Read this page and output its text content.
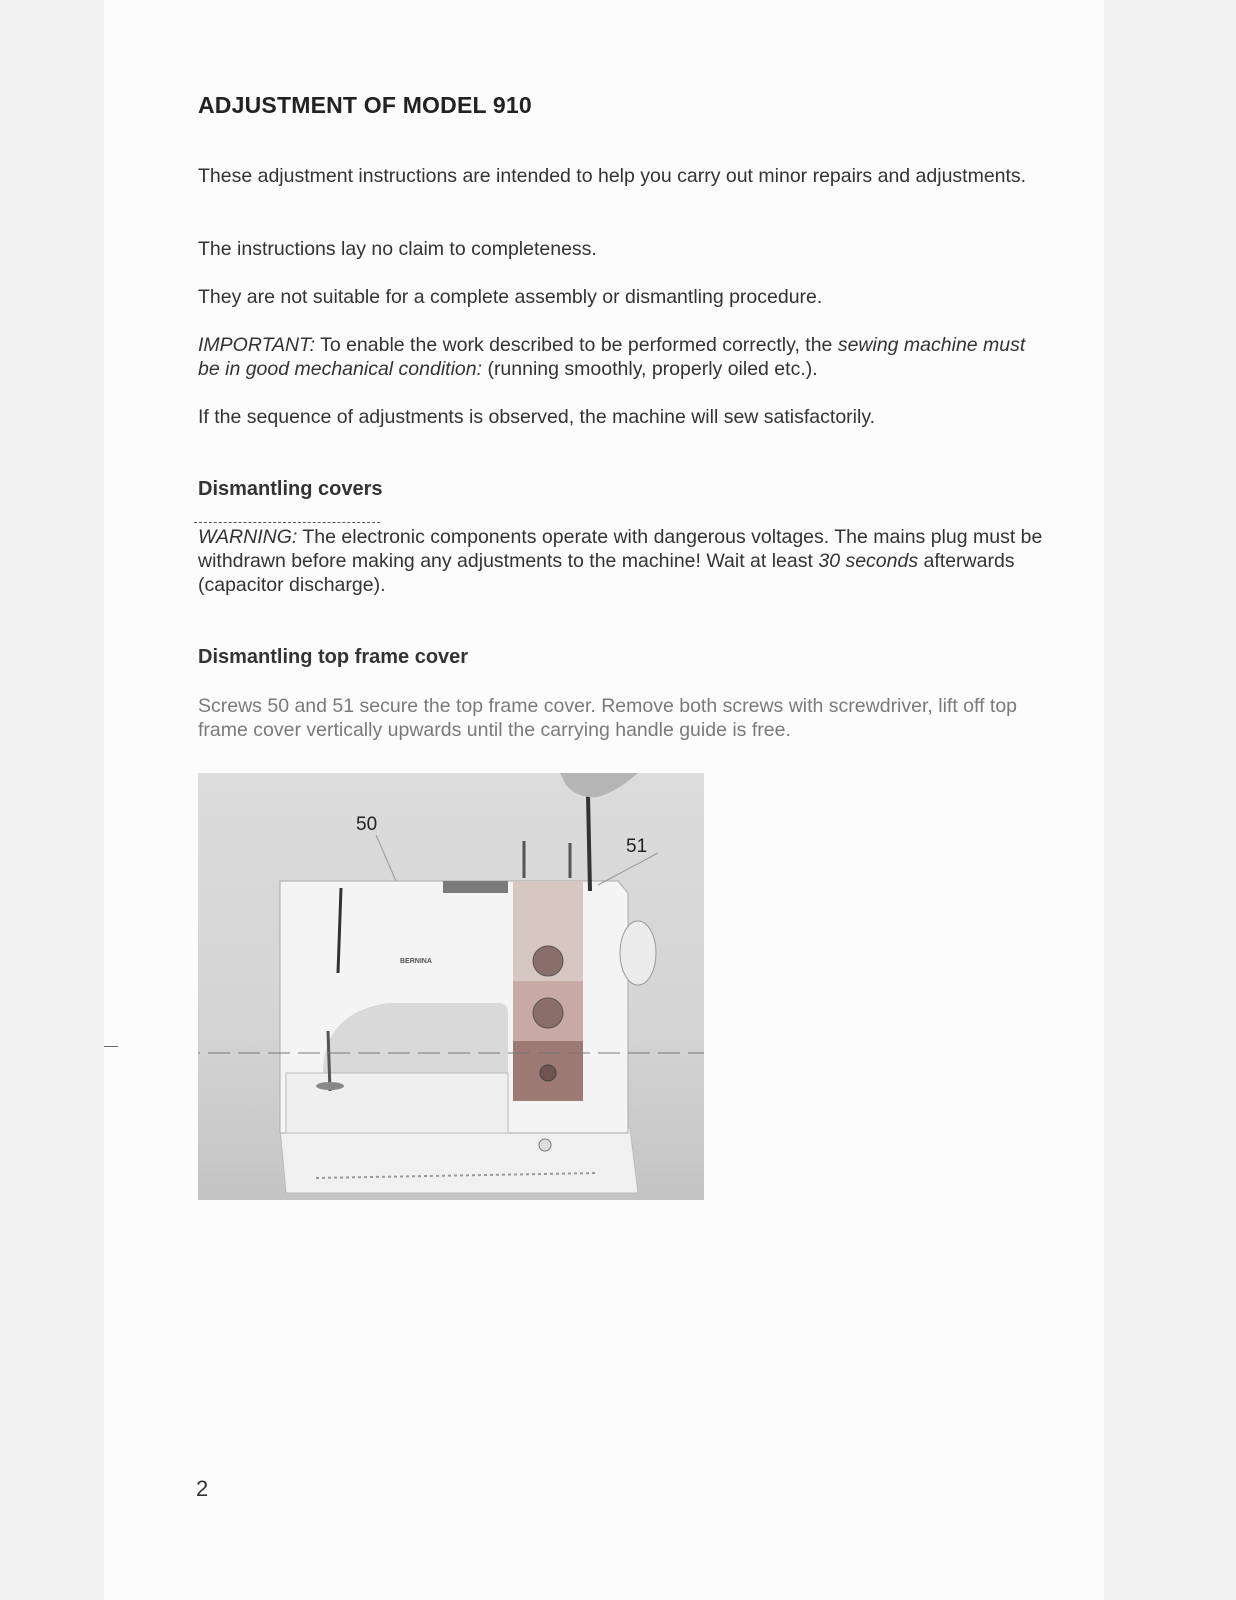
ADJUSTMENT OF MODEL 910

These adjustment instructions are intended to help you carry out minor repairs and adjustments.

The instructions lay no claim to completeness.

They are not suitable for a complete assembly or dismantling procedure.

IMPORTANT: To enable the work described to be performed correctly, the sewing machine must be in good mechanical condition: (running smoothly, properly oiled etc.).

If the sequence of adjustments is observed, the machine will sew satisfactorily.

Dismantling covers

WARNING: The electronic components operate with dangerous voltages. The mains plug must be withdrawn before making any adjustments to the machine! Wait at least 30 seconds afterwards (capacitor discharge).

Dismantling top frame cover

Screws 50 and 51 secure the top frame cover. Remove both screws with screwdriver, lift off top frame cover vertically upwards until the carrying handle guide is free.

2

BERNINA
50
51
